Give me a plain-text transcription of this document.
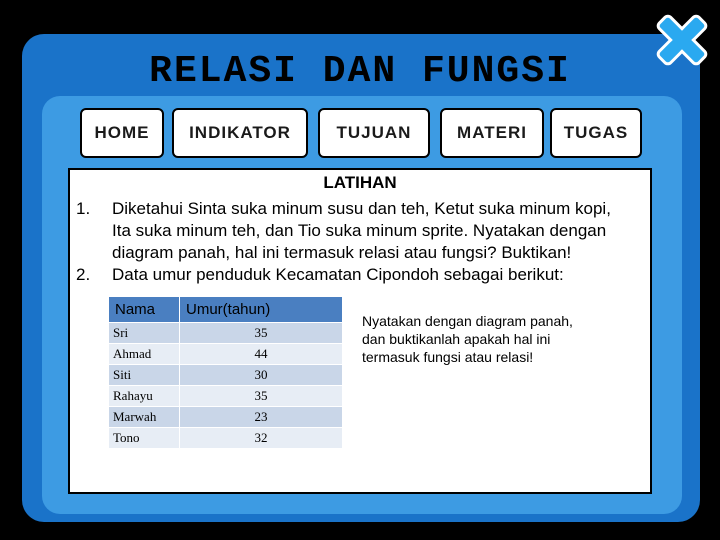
RELASI DAN FUNGSI
HOME	INDIKATOR	TUJUAN	MATERI	TUGAS
LATIHAN
1. Diketahui Sinta suka minum susu dan teh, Ketut suka minum kopi,
Ita suka minum teh, dan Tio suka minum sprite. Nyatakan dengan
diagram panah, hal ini termasuk relasi atau fungsi? Buktikan!
2. Data umur penduduk Kecamatan Cipondoh sebagai berikut:
Nama	Umur(tahun)
Sri	35
Ahmad	44
Siti	30
Rahayu	35
Marwah	23
Tono	32
Nyatakan dengan diagram panah,
dan buktikanlah apakah hal ini
termasuk fungsi atau relasi!
